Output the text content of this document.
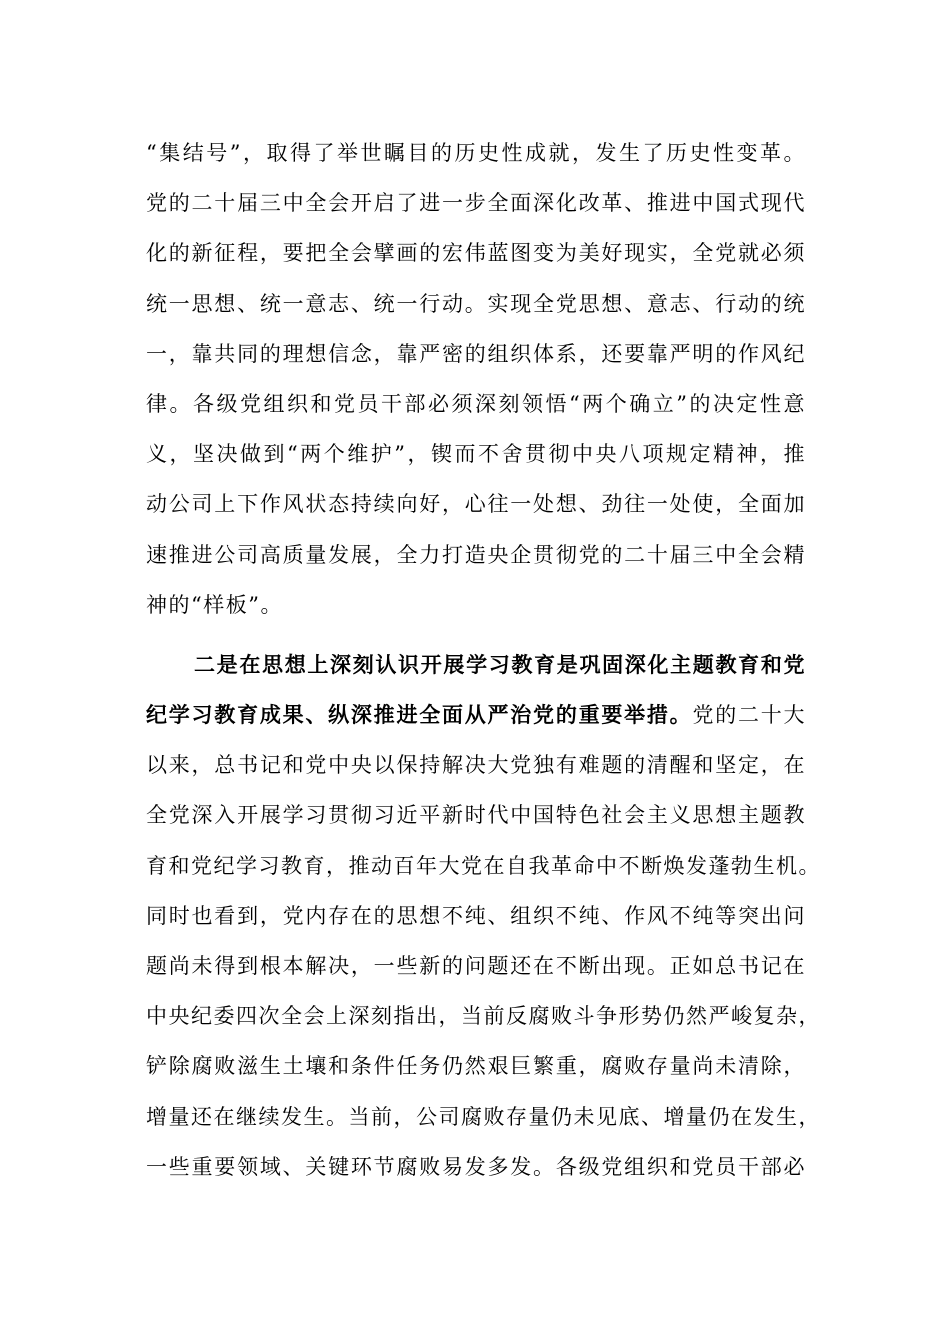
“集结号”，取得了举世瞩目的历史性成就，发生了历史性变革。
党的二十届三中全会开启了进一步全面深化改革、推进中国式现代
化的新征程，要把全会擘画的宏伟蓝图变为美好现实，全党就必须
统一思想、统一意志、统一行动。实现全党思想、意志、行动的统
一，靠共同的理想信念，靠严密的组织体系，还要靠严明的作风纪
律。各级党组织和党员干部必须深刻领悟“两个确立”的决定性意
义，坚决做到“两个维护”，锲而不舍贯彻中央八项规定精神，推
动公司上下作风状态持续向好，心往一处想、劲往一处使，全面加
速推进公司高质量发展，全力打造央企贯彻党的二十届三中全会精
神的“样板”。
二是在思想上深刻认识开展学习教育是巩固深化主题教育和党
纪学习教育成果、纵深推进全面从严治党的重要举措。党的二十大
以来，总书记和党中央以保持解决大党独有难题的清醒和坚定，在
全党深入开展学习贯彻习近平新时代中国特色社会主义思想主题教
育和党纪学习教育，推动百年大党在自我革命中不断焕发蓬勃生机。
同时也看到，党内存在的思想不纯、组织不纯、作风不纯等突出问
题尚未得到根本解决，一些新的问题还在不断出现。正如总书记在
中央纪委四次全会上深刻指出，当前反腐败斗争形势仍然严峻复杂，
铲除腐败滋生土壤和条件任务仍然艰巨繁重，腐败存量尚未清除，
增量还在继续发生。当前，公司腐败存量仍未见底、增量仍在发生，
一些重要领域、关键环节腐败易发多发。各级党组织和党员干部必
